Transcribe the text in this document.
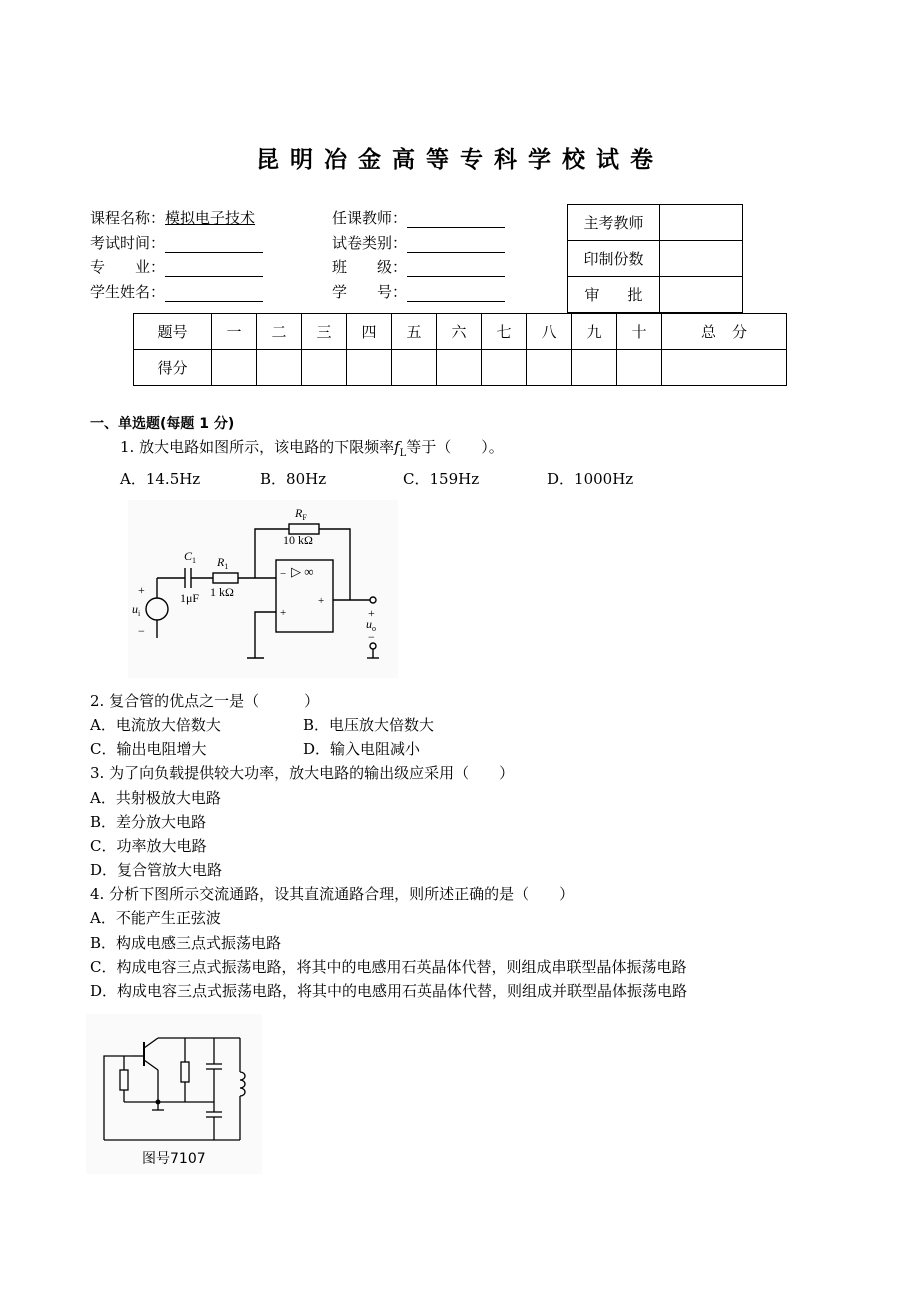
昆明冶金高等专科学校试卷
课程名称：模拟电子技术
考试时间：
专 业：
学生姓名：
任课教师：
试卷类别：
班 级：
学 号：
主考教师	
印制份数	
审 批	
题号	一	二	三	四	五	六	七	八	九	十	总 分
得分											
一、单选题(每题 1 分)
1. 放大电路如图所示，该电路的下限频率$f_L$等于（　　）。
A．14.5Hz	B．80Hz	C．159Hz	D．1000Hz
$R_F$
10 kΩ
$C_1$
1μF
$R_1$
1 kΩ
$u_i$
+
−	$u_o$
+
−
− ▷ ∞
+
+
2. 复合管的优点之一是（　　　）
A．电流放大倍数大	B．电压放大倍数大
C．输出电阻增大	D．输入电阻减小
3. 为了向负载提供较大功率，放大电路的输出级应采用（　　）
A．共射极放大电路
B．差分放大电路
C．功率放大电路
D．复合管放大电路
4. 分析下图所示交流通路，设其直流通路合理，则所述正确的是（　　）
A．不能产生正弦波
B．构成电感三点式振荡电路
C．构成电容三点式振荡电路，将其中的电感用石英晶体代替，则组成串联型晶体振荡电路
D．构成电容三点式振荡电路，将其中的电感用石英晶体代替，则组成并联型晶体振荡电路
图号7107
